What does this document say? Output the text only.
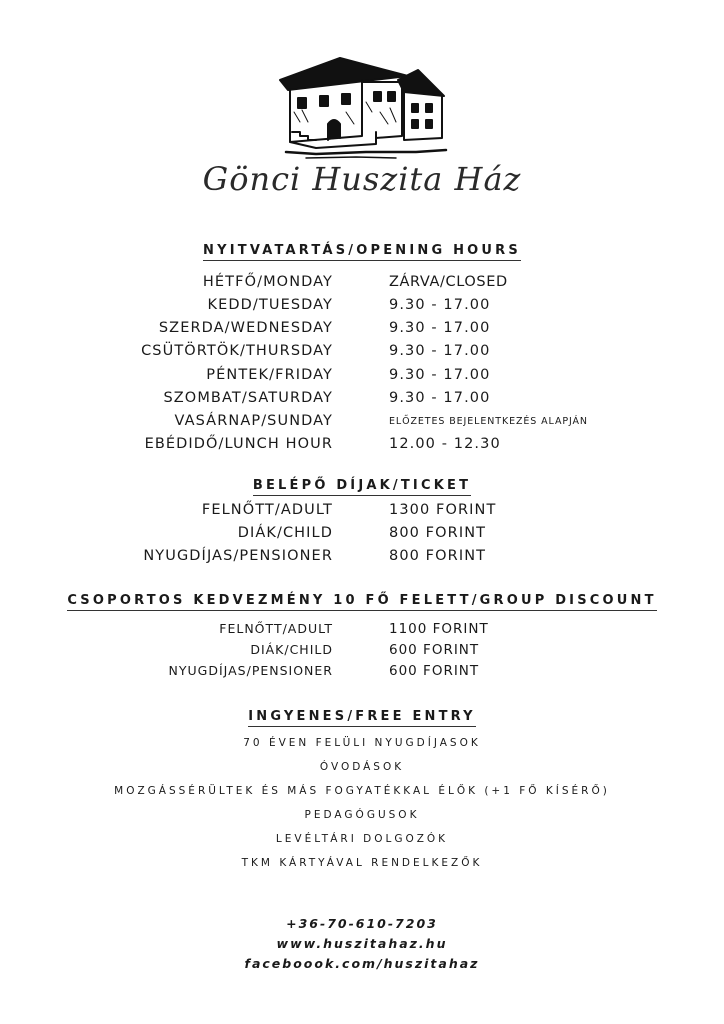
Gönci Huszita Ház
NYITVATARTÁS/OPENING HOURS
HÉTFŐ/MONDAY	ZÁRVA/CLOSED
KEDD/TUESDAY	9.30 - 17.00
SZERDA/WEDNESDAY	9.30 - 17.00
CSÜTÖRTÖK/THURSDAY	9.30 - 17.00
PÉNTEK/FRIDAY	9.30 - 17.00
SZOMBAT/SATURDAY	9.30 - 17.00
VASÁRNAP/SUNDAY	ELŐZETES BEJELENTKEZÉS ALAPJÁN
EBÉDIDŐ/LUNCH HOUR	12.00 - 12.30
BELÉPŐ DÍJAK/TICKET
FELNŐTT/ADULT	1300 FORINT
DIÁK/CHILD	800 FORINT
NYUGDÍJAS/PENSIONER	800 FORINT
CSOPORTOS KEDVEZMÉNY 10 FŐ FELETT/GROUP DISCOUNT
FELNŐTT/ADULT	1100 FORINT
DIÁK/CHILD	600 FORINT
NYUGDÍJAS/PENSIONER	600 FORINT
INGYENES/FREE ENTRY
70 ÉVEN FELÜLI NYUGDÍJASOK
ÓVODÁSOK
MOZGÁSSÉRÜLTEK ÉS MÁS FOGYATÉKKAL ÉLŐK (+1 FŐ KÍSÉRŐ)
PEDAGÓGUSOK
LEVÉLTÁRI DOLGOZÓK
TKM KÁRTYÁVAL RENDELKEZŐK
+36-70-610-7203
www.huszitahaz.hu
faceboook.com/huszitahaz
